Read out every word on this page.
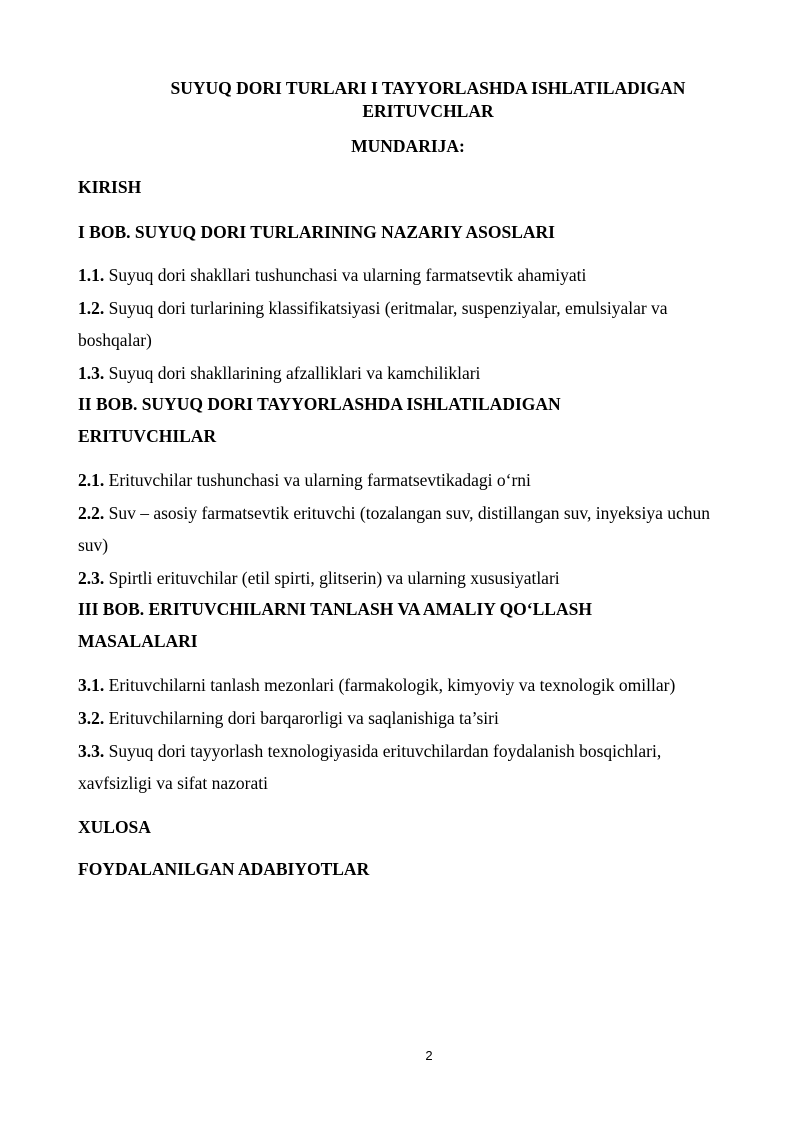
SUYUQ DORI TURLARI I TAYYORLASHDA ISHLATILADIGAN
ERITUVCHLAR
MUNDARIJA:
KIRISH
I BOB. SUYUQ DORI TURLARINING NAZARIY ASOSLARI
1.1. Suyuq dori shakllari tushunchasi va ularning farmatsevtik ahamiyati
1.2. Suyuq dori turlarining klassifikatsiyasi (eritmalar, suspenziyalar, emulsiyalar va boshqalar)
1.3. Suyuq dori shakllarining afzalliklari va kamchiliklari
II BOB. SUYUQ DORI TAYYORLASHDA ISHLATILADIGAN
ERITUVCHILAR
2.1. Erituvchilar tushunchasi va ularning farmatsevtikadagi o‘rni
2.2. Suv – asosiy farmatsevtik erituvchi (tozalangan suv, distillangan suv, inyeksiya uchun suv)
2.3. Spirtli erituvchilar (etil spirti, glitserin) va ularning xususiyatlari
III BOB. ERITUVCHILARNI TANLASH VA AMALIY QO‘LLASH
MASALALARI
3.1. Erituvchilarni tanlash mezonlari (farmakologik, kimyoviy va texnologik omillar)
3.2. Erituvchilarning dori barqarorligi va saqlanishiga ta’siri
3.3. Suyuq dori tayyorlash texnologiyasida erituvchilardan foydalanish bosqichlari, xavfsizligi va sifat nazorati
XULOSA
FOYDALANILGAN ADABIYOTLAR
2
